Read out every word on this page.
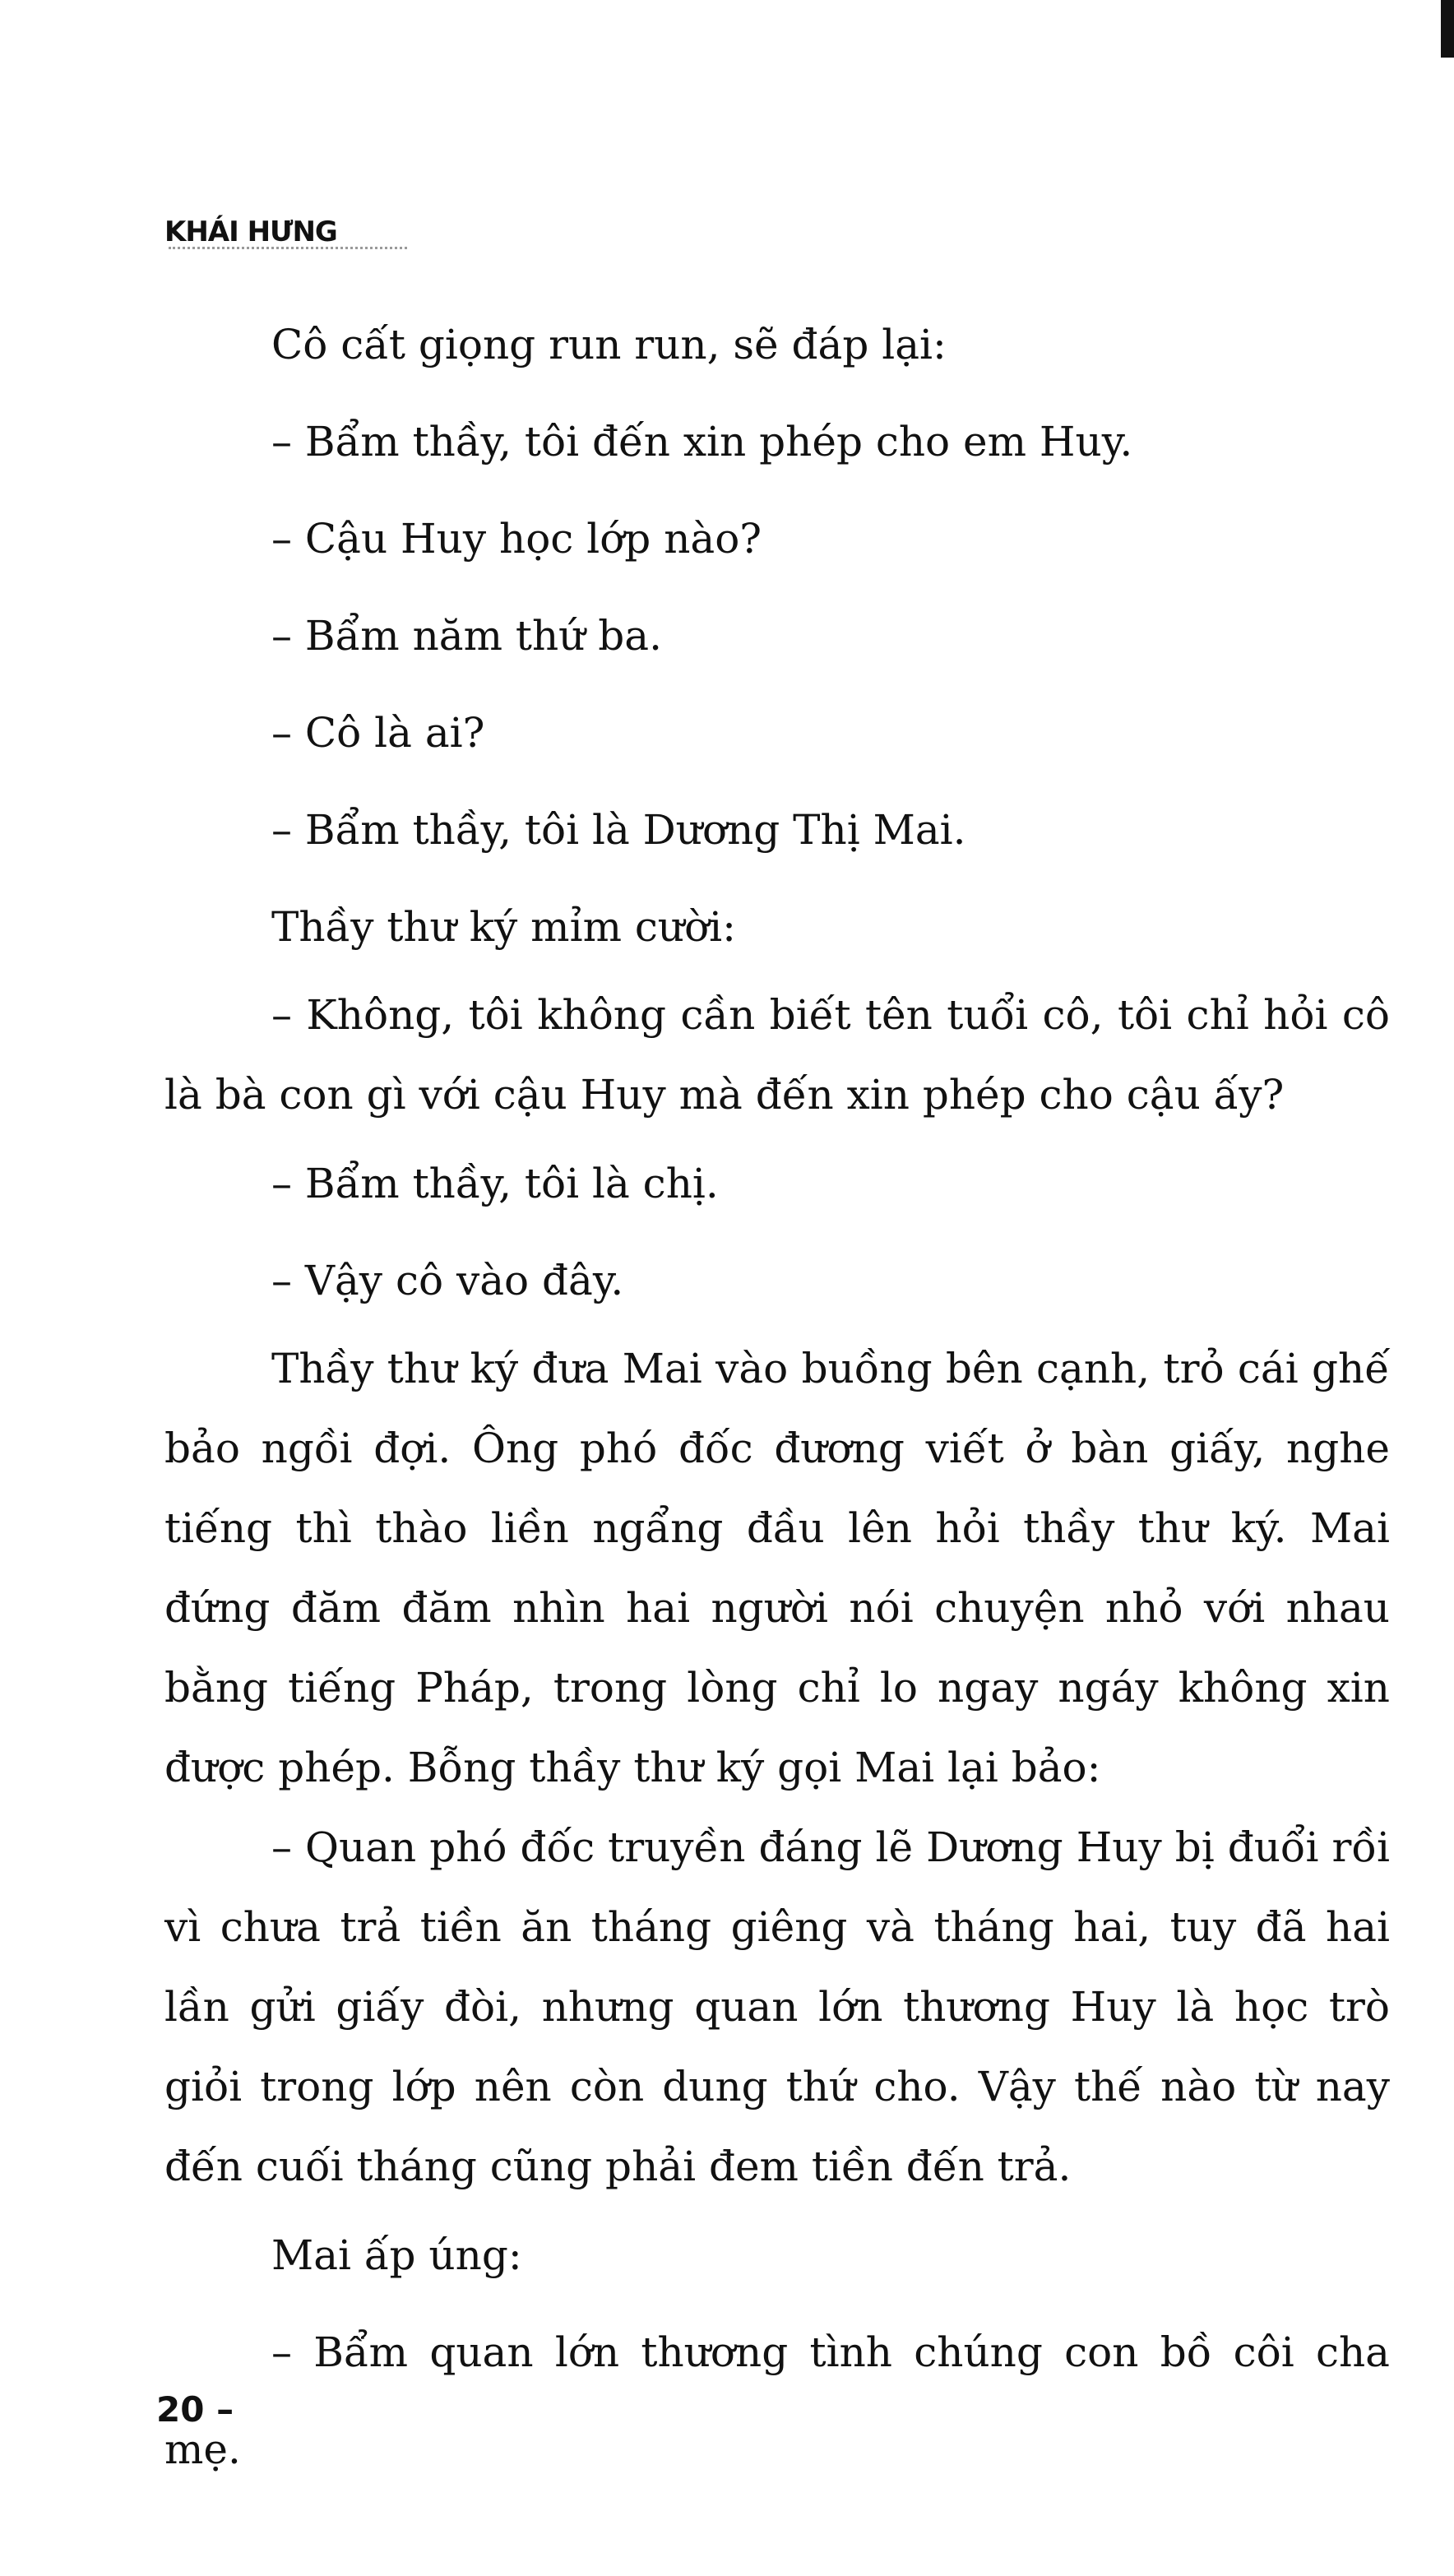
KHÁI HƯNG

Cô cất giọng run run, sẽ đáp lại:

– Bẩm thầy, tôi đến xin phép cho em Huy.

– Cậu Huy học lớp nào?

– Bẩm năm thứ ba.

– Cô là ai?

– Bẩm thầy, tôi là Dương Thị Mai.

Thầy thư ký mỉm cười:

– Không, tôi không cần biết tên tuổi cô, tôi chỉ hỏi cô là bà con gì với cậu Huy mà đến xin phép cho cậu ấy?

– Bẩm thầy, tôi là chị.

– Vậy cô vào đây.

Thầy thư ký đưa Mai vào buồng bên cạnh, trỏ cái ghế bảo ngồi đợi. Ông phó đốc đương viết ở bàn giấy, nghe tiếng thì thào liền ngẩng đầu lên hỏi thầy thư ký. Mai đứng đăm đăm nhìn hai người nói chuyện nhỏ với nhau bằng tiếng Pháp, trong lòng chỉ lo ngay ngáy không xin được phép. Bỗng thầy thư ký gọi Mai lại bảo:

– Quan phó đốc truyền đáng lẽ Dương Huy bị đuổi rồi vì chưa trả tiền ăn tháng giêng và tháng hai, tuy đã hai lần gửi giấy đòi, nhưng quan lớn thương Huy là học trò giỏi trong lớp nên còn dung thứ cho. Vậy thế nào từ nay đến cuối tháng cũng phải đem tiền đến trả.

Mai ấp úng:

– Bẩm quan lớn thương tình chúng con bồ côi cha mẹ.

20 –
